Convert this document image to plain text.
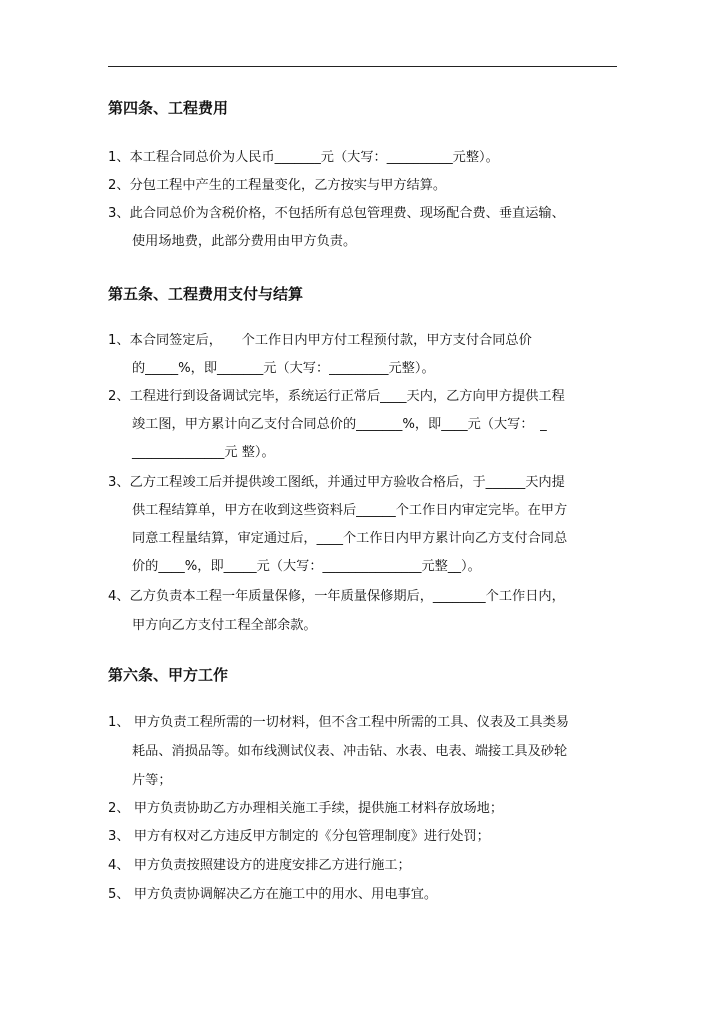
第四条、工程费用
1、本工程合同总价为人民币_______元（大写：__________元整）。
2、分包工程中产生的工程量变化，乙方按实与甲方结算。
3、此合同总价为含税价格，不包括所有总包管理费、现场配合费、垂直运输、
使用场地费，此部分费用由甲方负责。
第五条、工程费用支付与结算
1、本合同签定后，　　个工作日内甲方付工程预付款，甲方支付合同总价
的_____%，即_______元（大写：_________元整）。
2、工程进行到设备调试完毕，系统运行正常后____天内，乙方向甲方提供工程
竣工图，甲方累计向乙支付合同总价的_______%，即____元（大写：　_
______________元 整）。
3、乙方工程竣工后并提供竣工图纸，并通过甲方验收合格后，于______天内提
供工程结算单，甲方在收到这些资料后______个工作日内审定完毕。在甲方
同意工程量结算，审定通过后，____个工作日内甲方累计向乙方支付合同总
价的____%，即_____元（大写：_______________元整__）。
4、乙方负责本工程一年质量保修，一年质量保修期后，________个工作日内，
甲方向乙方支付工程全部余款。
第六条、甲方工作
1、 甲方负责工程所需的一切材料，但不含工程中所需的工具、仪表及工具类易
耗品、消损品等。如布线测试仪表、冲击钻、水表、电表、端接工具及砂轮
片等；
2、 甲方负责协助乙方办理相关施工手续，提供施工材料存放场地；
3、 甲方有权对乙方违反甲方制定的《分包管理制度》进行处罚；
4、 甲方负责按照建设方的进度安排乙方进行施工；
5、 甲方负责协调解决乙方在施工中的用水、用电事宜。
